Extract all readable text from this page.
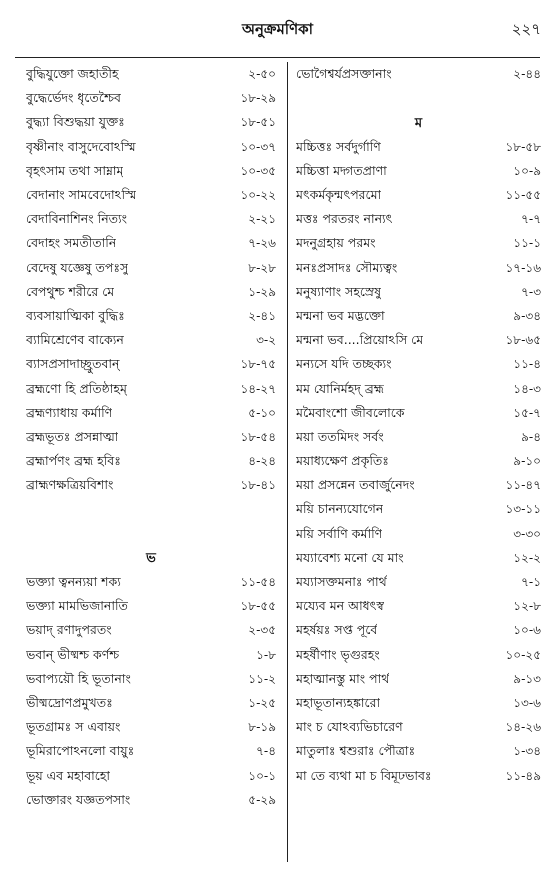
অনুক্রমণিকা	২২৭
বুদ্ধিযুক্তো জহাতীহ	২-৫০
বুদ্ধের্ভেদং ধৃতেশ্চৈব	১৮-২৯
বুদ্ধ্যা বিশুদ্ধয়া যুক্তঃ	১৮-৫১
বৃষ্ণীনাং বাসুদেবোঽস্মি	১০-৩৭
বৃহৎসাম তথা সাম্নাম্	১০-৩৫
বেদানাং সামবেদোঽস্মি	১০-২২
বেদাবিনাশিনং নিত্যং	২-২১
বেদাহং সমতীতানি	৭-২৬
বেদেষু যজ্ঞেষু তপঃসু	৮-২৮
বেপথুশ্চ শরীরে মে	১-২৯
ব্যবসায়াত্মিকা বুদ্ধিঃ	২-৪১
ব্যামিশ্রেণেব বাক্যেন	৩-২
ব্যাসপ্রসাদাচ্ছ্রুতবান্	১৮-৭৫
ব্রহ্মণো হি প্রতিষ্ঠাহম্	১৪-২৭
ব্রহ্মণ্যাধায় কর্মাণি	৫-১০
ব্রহ্মভূতঃ প্রসন্নাত্মা	১৮-৫৪
ব্রহ্মার্পণং ব্রহ্ম হবিঃ	৪-২৪
ব্রাহ্মণক্ষত্রিয়বিশাং	১৮-৪১
ভ
ভক্ত্যা ত্বনন্যয়া শক্য	১১-৫৪
ভক্ত্যা মামভিজানাতি	১৮-৫৫
ভয়াদ্ রণাদুপরতং	২-৩৫
ভবান্ ভীষ্মশ্চ কর্ণশ্চ	১-৮
ভবাপ্যয়ৌ হি ভূতানাং	১১-২
ভীষ্মদ্রোণপ্রমুখতঃ	১-২৫
ভূতগ্রামঃ স এবায়ং	৮-১৯
ভূমিরাপোঽনলো বায়ুঃ	৭-৪
ভূয় এব মহাবাহো	১০-১
ভোক্তারং যজ্ঞতপসাং	৫-২৯
ভোগৈশ্বর্যপ্রসক্তানাং	২-৪৪
ম
মচ্চিত্তঃ সর্বদুর্গাণি	১৮-৫৮
মচ্চিত্তা মদ্গতপ্রাণা	১০-৯
মৎকর্মকৃন্মৎপরমো	১১-৫৫
মত্তঃ পরতরং নান্যৎ	৭-৭
মদনুগ্রহায় পরমং	১১-১
মনঃপ্রসাদঃ সৌম্যত্বং	১৭-১৬
মনুষ্যাণাং সহস্রেষু	৭-৩
মন্মনা ভব মদ্ভক্তো	৯-৩৪
মন্মনা ভব....প্রিয়োঽসি মে	১৮-৬৫
মন্যসে যদি তচ্ছক্যং	১১-৪
মম যোনির্মহদ্ ব্রহ্ম	১৪-৩
মমৈবাংশো জীবলোকে	১৫-৭
ময়া ততমিদং সর্বং	৯-৪
ময়াধ্যক্ষেণ প্রকৃতিঃ	৯-১০
ময়া প্রসন্নেন তবার্জুনেদং	১১-৪৭
ময়ি চানন্যযোগেন	১৩-১১
ময়ি সর্বাণি কর্মাণি	৩-৩০
ময্যাবেশ্য মনো যে মাং	১২-২
ময্যাসক্তমনাঃ পার্থ	৭-১
ময্যেব মন আধৎস্ব	১২-৮
মহর্ষয়ঃ সপ্ত পূর্বে	১০-৬
মহর্ষীণাং ভৃগুরহং	১০-২৫
মহাত্মানস্তু মাং পার্থ	৯-১৩
মহাভূতান্যহঙ্কারো	১৩-৬
মাং চ যোঽব্যভিচারেণ	১৪-২৬
মাতুলাঃ শ্বশুরাঃ পৌত্রাঃ	১-৩৪
মা তে ব্যথা মা চ বিমূঢভাবঃ	১১-৪৯
